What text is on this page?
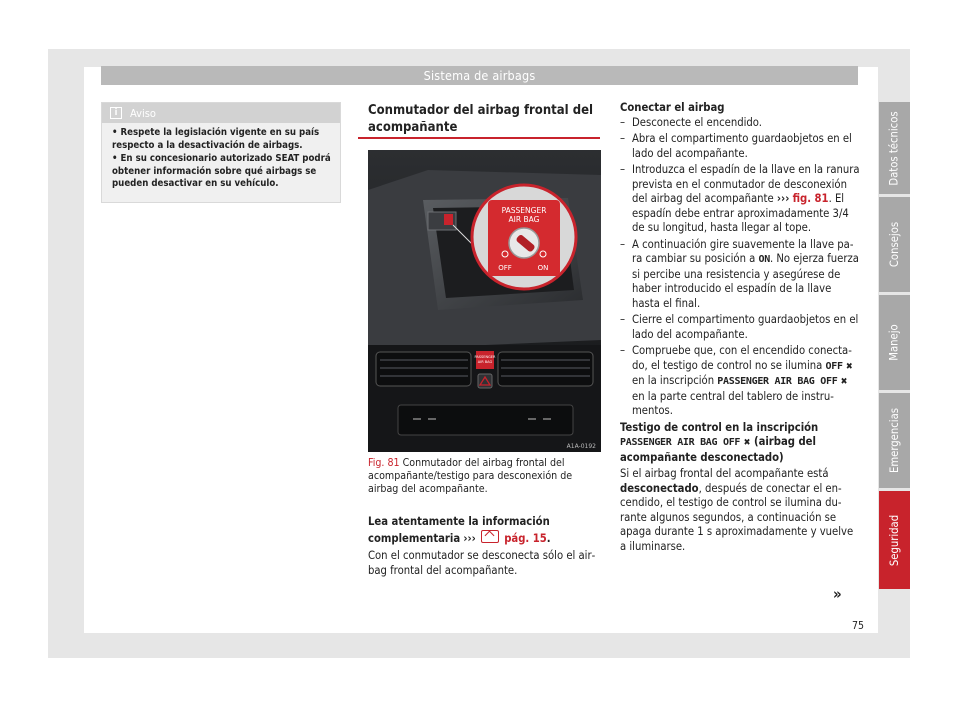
Sistema de airbags
i	Aviso
• Respete la legislación vigente en su país respecto a la desactivación de airbags.
• En su concesionario autorizado SEAT podrá obtener información sobre qué airbags se pueden desactivar en su vehículo.
Conmutador del airbag frontal del acompañante
PASSENGER
AIR BAG
PASSENGER
AIR BAG
OFF	ON
A1A-0192
Fig. 81 Conmutador del airbag frontal del acompañante/testigo para desconexión de airbag del acompañante.
Lea atentamente la información complementaria ›››	pág. 15.
Con el conmutador se desconecta sólo el airbag frontal del acompañante.
Conectar el airbag

– Desconecte el encendido.

– Abra el compartimento guardaobjetos en el lado del acompañante.

– Introduzca el espadín de la llave en la ranura prevista en el conmutador de desconexión del airbag del acompañante ››› fig. 81. El espadín debe entrar aproximadamente 3/4 de su longitud, hasta llegar al tope.

– A continuación gire suavemente la llave para cambiar su posición a ON. No ejerza fuerza si percibe una resistencia y asegúrese de haber introducido el espadín de la llave hasta el final.

– Cierre el compartimento guardaobjetos en el lado del acompañante.

– Compruebe que, con el encendido conectado, el testigo de control no se ilumina OFF ✖ en la inscripción PASSENGER AIR BAG OFF ✖ en la parte central del tablero de instrumentos.

Testigo de control en la inscripción PASSENGER AIR BAG OFF ✖ (airbag del acompañante desconectado)

Si el airbag frontal del acompañante está desconectado, después de conectar el encendido, el testigo de control se ilumina durante algunos segundos, a continuación se apaga durante 1 s aproximadamente y vuelve a iluminarse.

»
75
Datos técnicos
Consejos
Manejo
Emergencias
Seguridad
